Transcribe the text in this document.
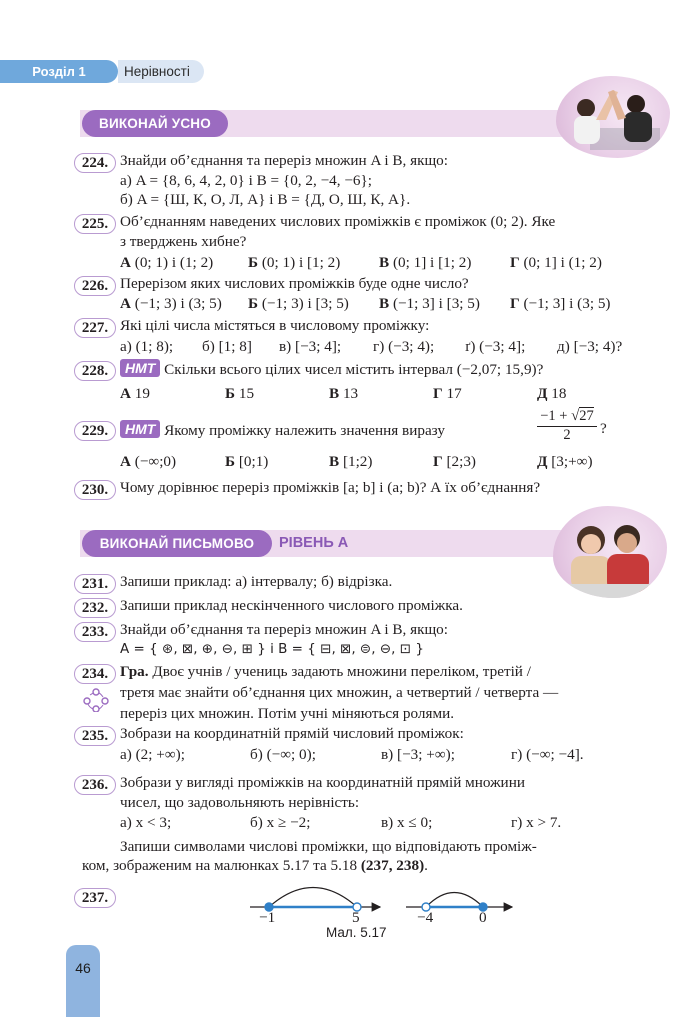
Розділ 1	Нерівності
ВИКОНАЙ УСНО
224. Знайди об’єднання та переріз множин A і B, якщо:
а) A = {8, 6, 4, 2, 0} і B = {0, 2, −4, −6};
б) A = {Ш, К, О, Л, А} і B = {Д, О, Ш, К, А}.
225. Об’єднанням наведених числових проміжків є проміжок (0; 2). Яке
з тверджень хибне?
А (0; 1) і (1; 2) Б (0; 1) і [1; 2)	В (0; 1] і [1; 2)	Г (0; 1] і (1; 2)
226. Перерізом яких числових проміжків буде одне число?
А (−1; 3) і (3; 5) Б (−1; 3) і [3; 5) В (−1; 3] і [3; 5) Г (−1; 3] і (3; 5)
227. Які цілі числа містяться в числовому проміжку:
а) (1; 8); б) [1; 8] в) [−3; 4]; г) (−3; 4); ґ) (−3; 4]; д) [−3; 4)?
228.	НМТ Скільки всього цілих чисел містить інтервал (−2,07; 15,9)?
А 19	Б 15	В 13	Г 17	Д 18
229.	НМТ Якому проміжку належить значення виразу	$\frac{-1 + √27}{2}$ ?
А (−∞;0)	Б [0;1)	В [1;2)	Г [2;3)	Д [3;+∞)
230. Чому дорівнює переріз проміжків [a; b] і (a; b)? А їх об’єднання?
ВИКОНАЙ ПИСЬМОВО	РІВЕНЬ А
231. Запиши приклад: а) інтервалу; б) відрізка.
232. Запиши приклад нескінченного числового проміжка.
233. Знайди об’єднання та переріз множин A і B, якщо:
A = { ⊛, ⊠, ⊕, ⊖, ⊞ } і B = { ⊟, ⊠, ⊜, ⊖, ⊡ }
234. Гра. Двоє учнів / учениць задають множини переліком, третій /
третя має знайти об’єднання цих множин, а четвертий / четверта —
переріз цих множин. Потім учні міняються ролями.
235. Зобрази на координатній прямій числовий проміжок:
а) (2; +∞);	б) (−∞; 0);	в) [−3; +∞);	г) (−∞; −4].
236. Зобрази у вигляді проміжків на координатній прямій множини
чисел, що задовольняють нерівність:
а) x < 3;	б) x ≥ −2;	в) x ≤ 0;	г) x > 7.
Запиши символами числові проміжки, що відповідають промiж-
ком, зображеним на малюнках 5.17 та 5.18 (237, 238).
237.
−1	5	−4	0
Мал. 5.17
46
